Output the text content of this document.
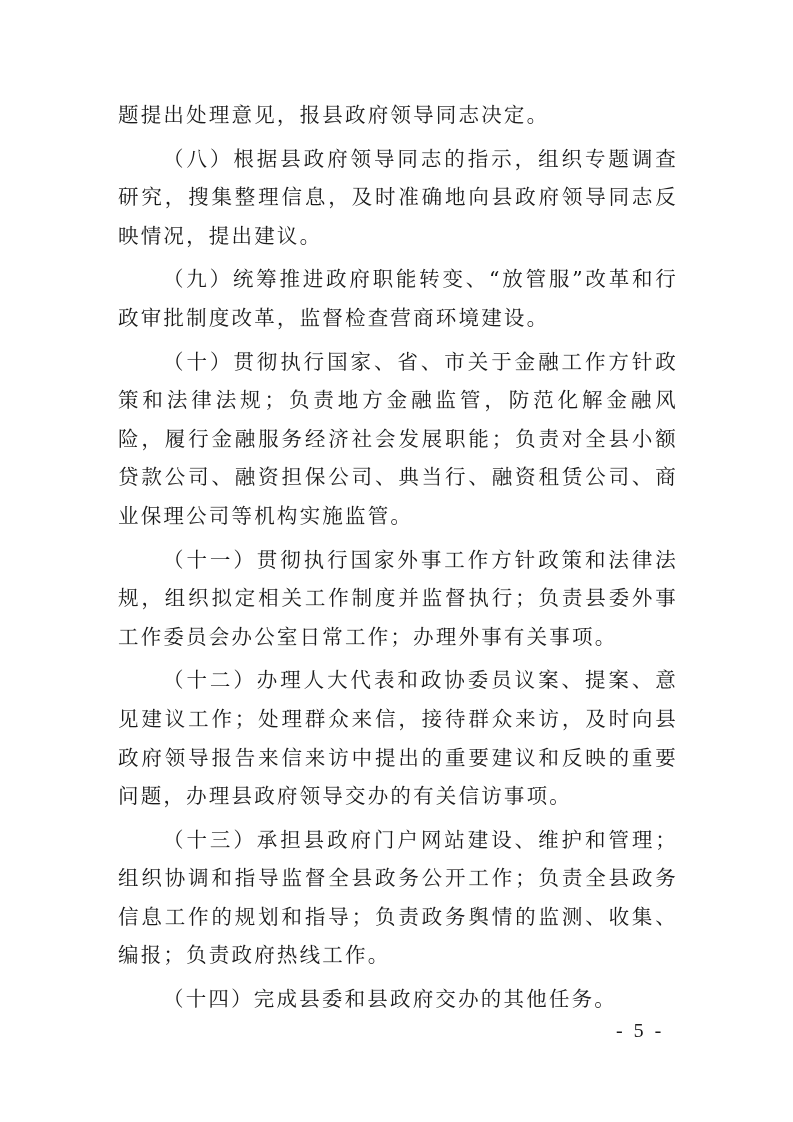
题提出处理意见，报县政府领导同志决定。

（八）根据县政府领导同志的指示，组织专题调查研究，搜集整理信息，及时准确地向县政府领导同志反映情况，提出建议。

（九）统筹推进政府职能转变、“放管服”改革和行政审批制度改革，监督检查营商环境建设。

（十）贯彻执行国家、省、市关于金融工作方针政策和法律法规；负责地方金融监管，防范化解金融风险，履行金融服务经济社会发展职能；负责对全县小额贷款公司、融资担保公司、典当行、融资租赁公司、商业保理公司等机构实施监管。

（十一）贯彻执行国家外事工作方针政策和法律法规，组织拟定相关工作制度并监督执行；负责县委外事工作委员会办公室日常工作；办理外事有关事项。

（十二）办理人大代表和政协委员议案、提案、意见建议工作；处理群众来信，接待群众来访，及时向县政府领导报告来信来访中提出的重要建议和反映的重要问题，办理县政府领导交办的有关信访事项。

（十三）承担县政府门户网站建设、维护和管理；组织协调和指导监督全县政务公开工作；负责全县政务信息工作的规划和指导；负责政务舆情的监测、收集、编报；负责政府热线工作。

（十四）完成县委和县政府交办的其他任务。

- 5 -
